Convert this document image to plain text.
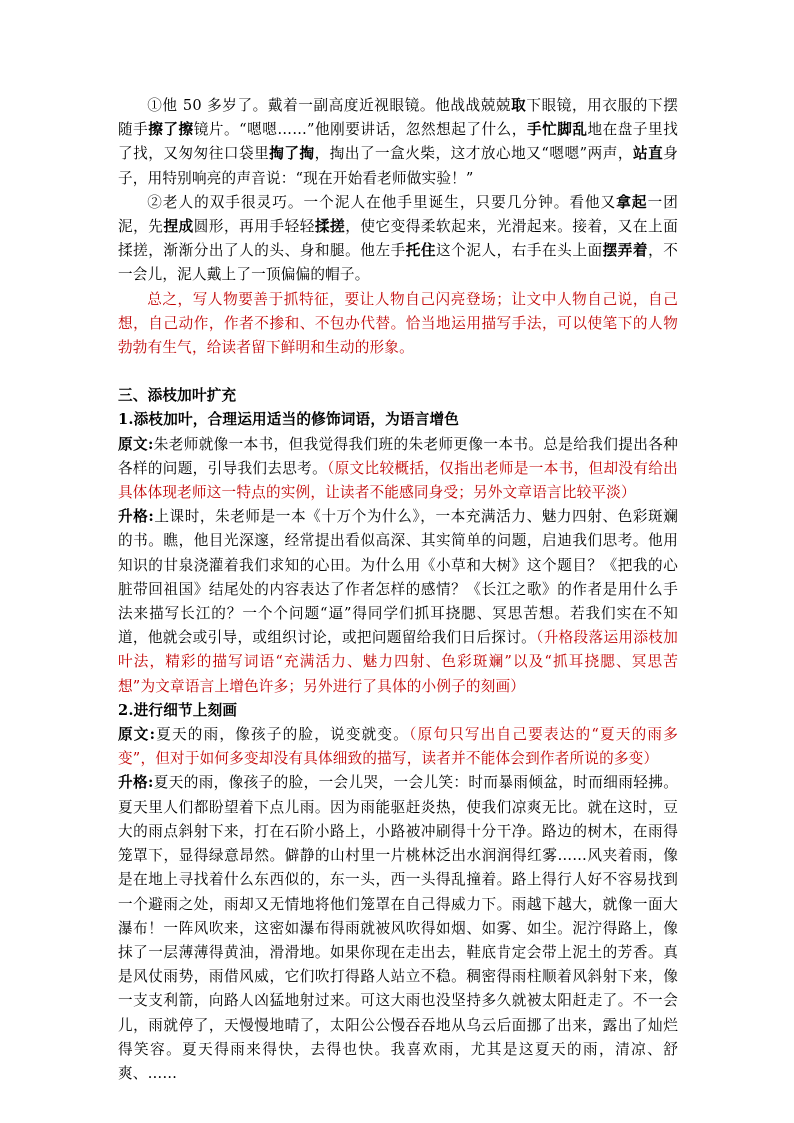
①他 50 多岁了。戴着一副高度近视眼镜。他战战兢兢取下眼镜，用衣服的下摆随手擦了擦镜片。“嗯嗯……”他刚要讲话，忽然想起了什么，手忙脚乱地在盘子里找了找，又匆匆往口袋里掏了掏，掏出了一盒火柴，这才放心地又“嗯嗯”两声，站直身子，用特别响亮的声音说：“现在开始看老师做实验！”

②老人的双手很灵巧。一个泥人在他手里诞生，只要几分钟。看他又拿起一团泥，先捏成圆形，再用手轻轻揉搓，使它变得柔软起来，光滑起来。接着，又在上面揉搓，渐渐分出了人的头、身和腿。他左手托住这个泥人，右手在头上面摆弄着，不一会儿，泥人戴上了一顶偏偏的帽子。

总之，写人物要善于抓特征，要让人物自己闪亮登场；让文中人物自己说，自己想，自己动作，作者不掺和、不包办代替。恰当地运用描写手法，可以使笔下的人物勃勃有生气，给读者留下鲜明和生动的形象。

三、添枝加叶扩充

1.添枝加叶，合理运用适当的修饰词语，为语言增色

原文:朱老师就像一本书，但我觉得我们班的朱老师更像一本书。总是给我们提出各种各样的问题，引导我们去思考。（原文比较概括，仅指出老师是一本书，但却没有给出具体体现老师这一特点的实例，让读者不能感同身受；另外文章语言比较平淡）

升格:上课时，朱老师是一本《十万个为什么》，一本充满活力、魅力四射、色彩斑斓的书。瞧，他目光深邃，经常提出看似高深、其实简单的问题，启迪我们思考。他用知识的甘泉浇灌着我们求知的心田。为什么用《小草和大树》这个题目？《把我的心脏带回祖国》结尾处的内容表达了作者怎样的感情？《长江之歌》的作者是用什么手法来描写长江的？一个个问题“逼”得同学们抓耳挠腮、冥思苦想。若我们实在不知道，他就会或引导，或组织讨论，或把问题留给我们日后探讨。（升格段落运用添枝加叶法，精彩的描写词语“充满活力、魅力四射、色彩斑斓”以及“抓耳挠腮、冥思苦想”为文章语言上增色许多；另外进行了具体的小例子的刻画）

2.进行细节上刻画

原文:夏天的雨，像孩子的脸，说变就变。（原句只写出自己要表达的“夏天的雨多变”，但对于如何多变却没有具体细致的描写，读者并不能体会到作者所说的多变）

升格:夏天的雨，像孩子的脸，一会儿哭，一会儿笑：时而暴雨倾盆，时而细雨轻拂。夏天里人们都盼望着下点儿雨。因为雨能驱赶炎热，使我们凉爽无比。就在这时，豆大的雨点斜射下来，打在石阶小路上，小路被冲刷得十分干净。路边的树木，在雨得笼罩下，显得绿意昂然。僻静的山村里一片桃林泛出水润润得红雾……风夹着雨，像是在地上寻找着什么东西似的，东一头，西一头得乱撞着。路上得行人好不容易找到一个避雨之处，雨却又无情地将他们笼罩在自己得威力下。雨越下越大，就像一面大瀑布！一阵风吹来，这密如瀑布得雨就被风吹得如烟、如雾、如尘。泥泞得路上，像抹了一层薄薄得黄油，滑滑地。如果你现在走出去，鞋底肯定会带上泥土的芳香。真是风仗雨势，雨借风威，它们吹打得路人站立不稳。稠密得雨柱顺着风斜射下来，像一支支利箭，向路人凶猛地射过来。可这大雨也没坚持多久就被太阳赶走了。不一会儿，雨就停了，天慢慢地晴了，太阳公公慢吞吞地从乌云后面挪了出来，露出了灿烂得笑容。夏天得雨来得快，去得也快。我喜欢雨，尤其是这夏天的雨，清凉、舒爽、……
